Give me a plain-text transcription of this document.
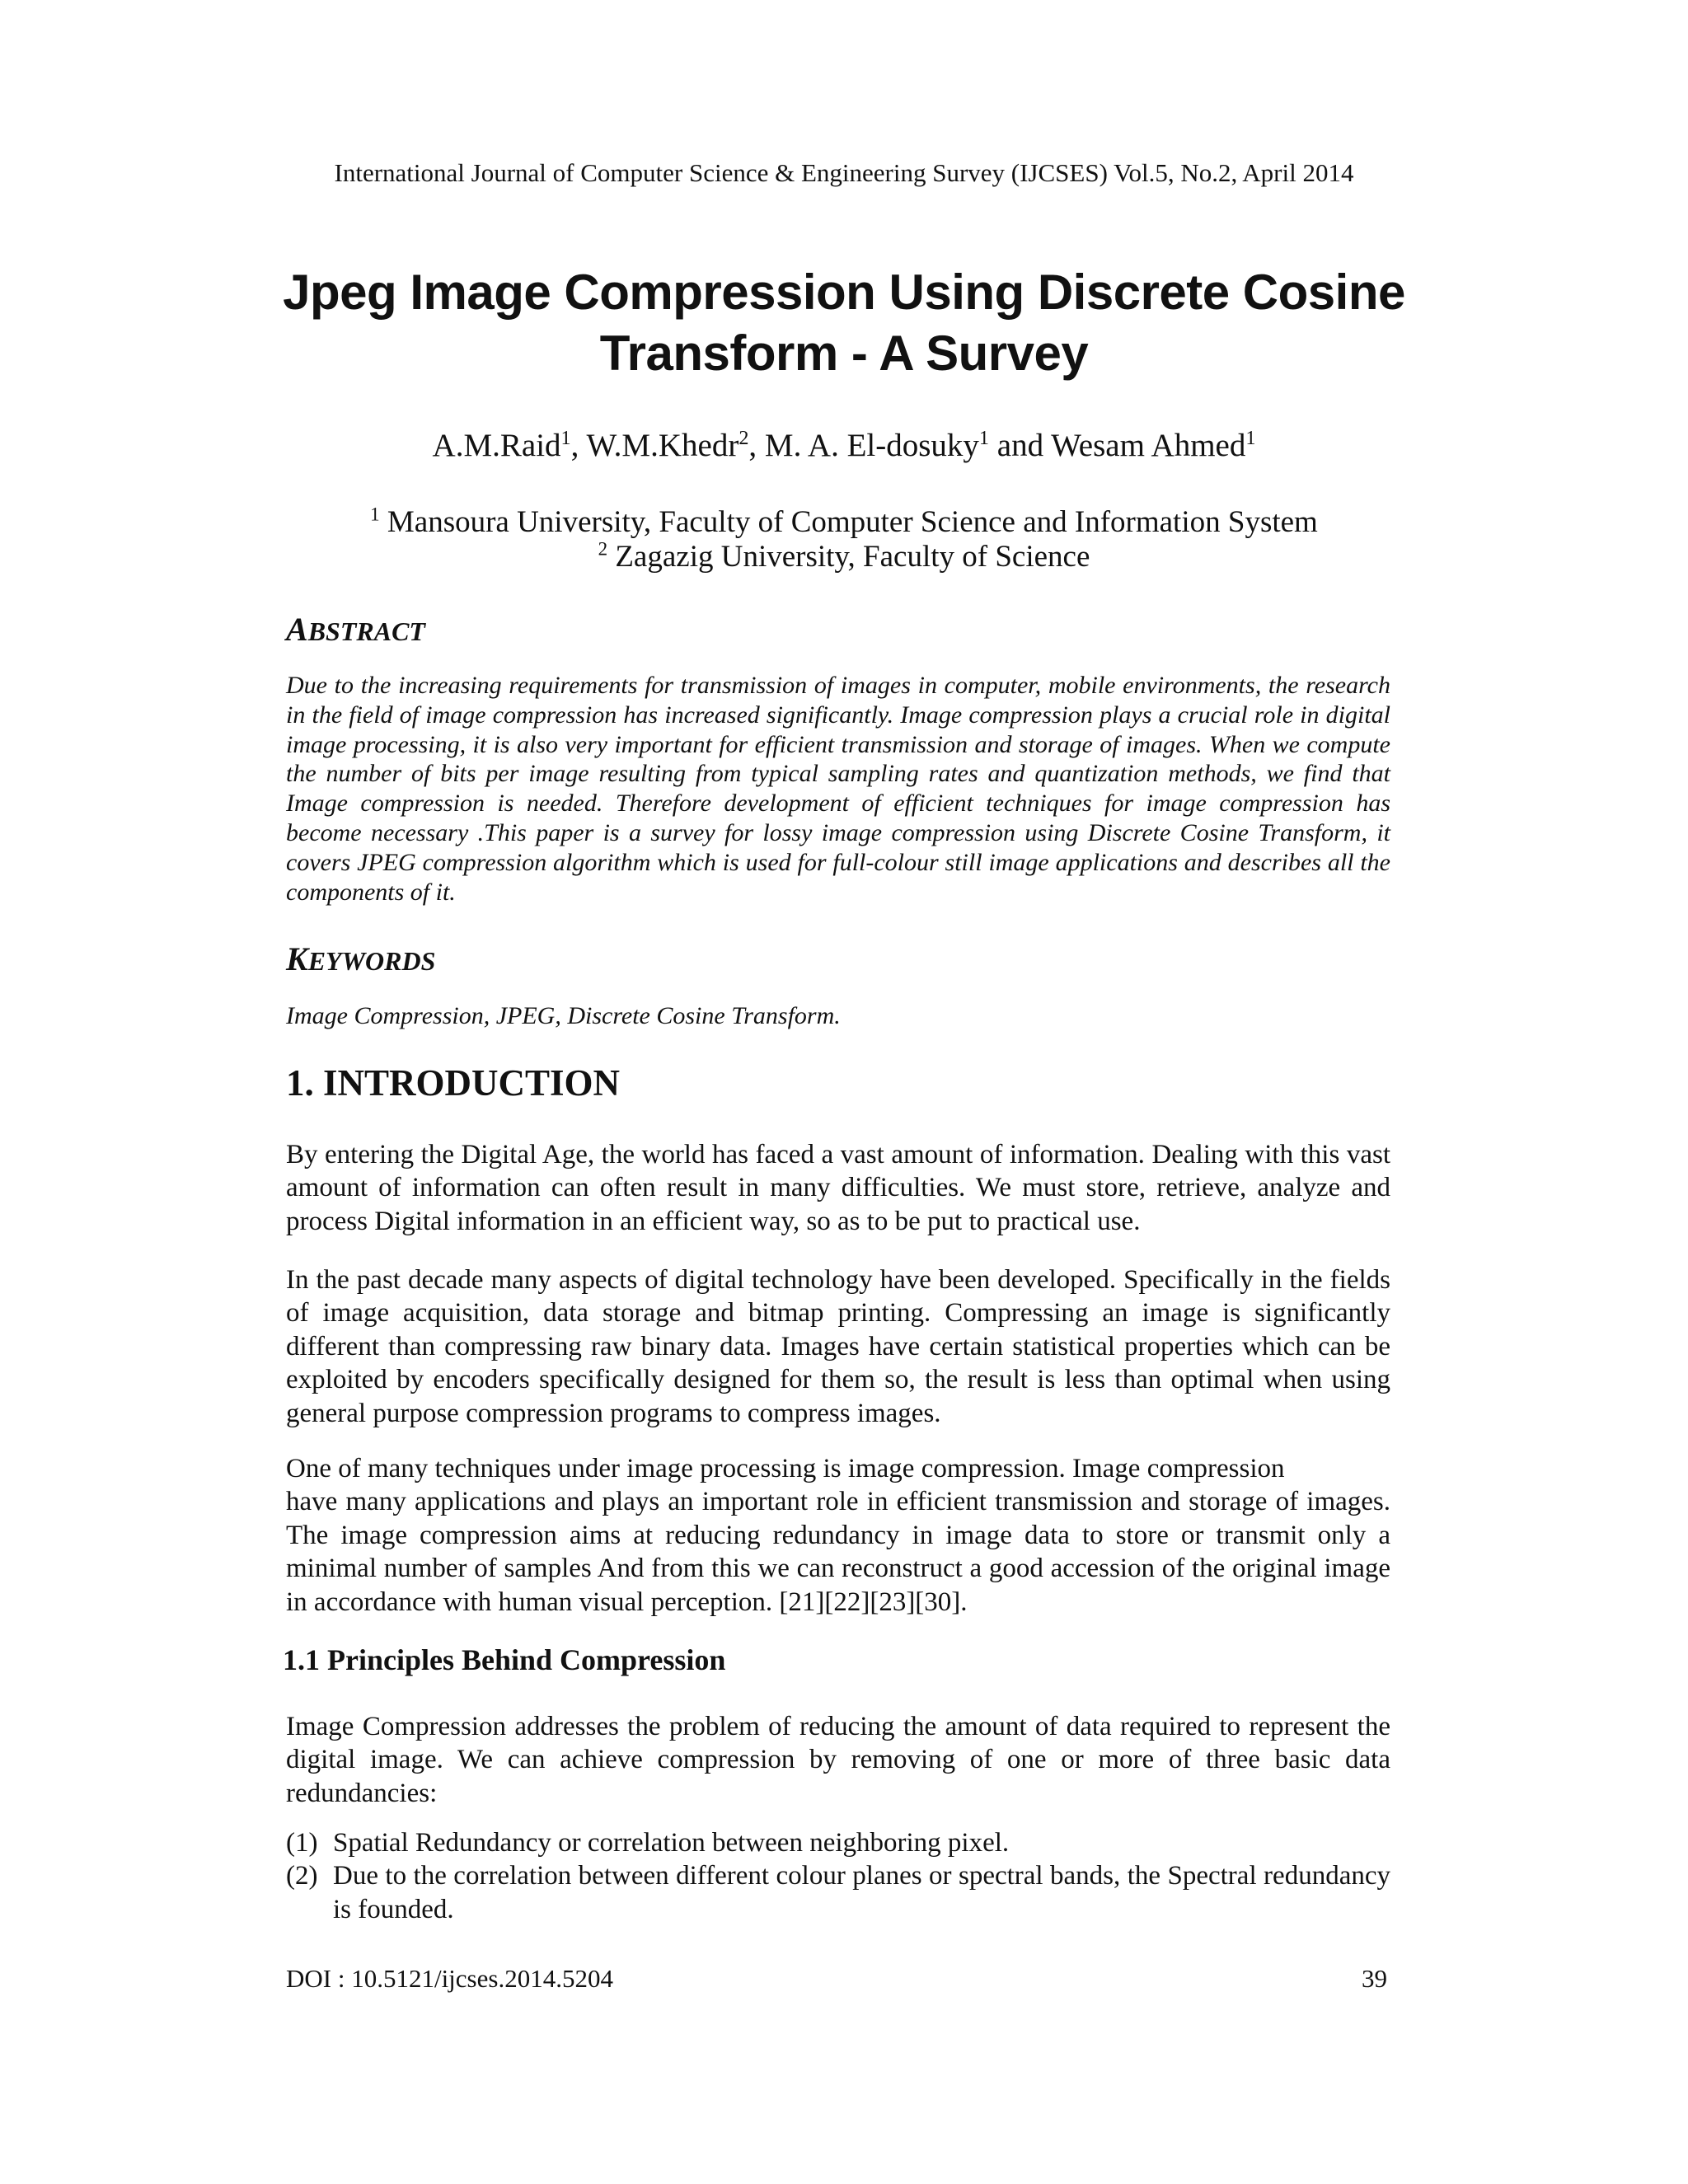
International Journal of Computer Science & Engineering Survey (IJCSES) Vol.5, No.2, April 2014
Jpeg Image Compression Using Discrete Cosine
Transform - A Survey
A.M.Raid$^1$, W.M.Khedr$^2$, M. A. El-dosuky$^1$ and Wesam Ahmed$^1$
$^1$ Mansoura University, Faculty of Computer Science and Information System
$^2$ Zagazig University, Faculty of Science
ABSTRACT
Due to the increasing requirements for transmission of images in computer, mobile environments, the research in the field of image compression has increased significantly. Image compression plays a crucial role in digital image processing, it is also very important for efficient transmission and storage of images. When we compute the number of bits per image resulting from typical sampling rates and quantization methods, we find that Image compression is needed. Therefore development of efficient techniques for image compression has become necessary .This paper is a survey for lossy image compression using Discrete Cosine Transform, it covers JPEG compression algorithm which is used for full-colour still image applications and describes all the components of it.
KEYWORDS
Image Compression, JPEG, Discrete Cosine Transform.
1. INTRODUCTION
By entering the Digital Age, the world has faced a vast amount of information. Dealing with this vast amount of information can often result in many difficulties. We must store, retrieve, analyze and process Digital information in an efficient way, so as to be put to practical use.
In the past decade many aspects of digital technology have been developed. Specifically in the fields of image acquisition, data storage and bitmap printing. Compressing an image is significantly different than compressing raw binary data. Images have certain statistical properties which can be exploited by encoders specifically designed for them so, the result is less than optimal when using general purpose compression programs to compress images.
One of many techniques under image processing is image compression. Image compression
have many applications and plays an important role in efficient transmission and storage of images. The image compression aims at reducing redundancy in image data to store or transmit only a minimal number of samples And from this we can reconstruct a good accession of the original image in accordance with human visual perception. [21][22][23][30].
1.1 Principles Behind Compression
Image Compression addresses the problem of reducing the amount of data required to represent the digital image. We can achieve compression by removing of one or more of three basic data redundancies:
(1) Spatial Redundancy or correlation between neighboring pixel.
(2) Due to the correlation between different colour planes or spectral bands, the Spectral redundancy is founded.
DOI : 10.5121/ijcses.2014.5204	39
